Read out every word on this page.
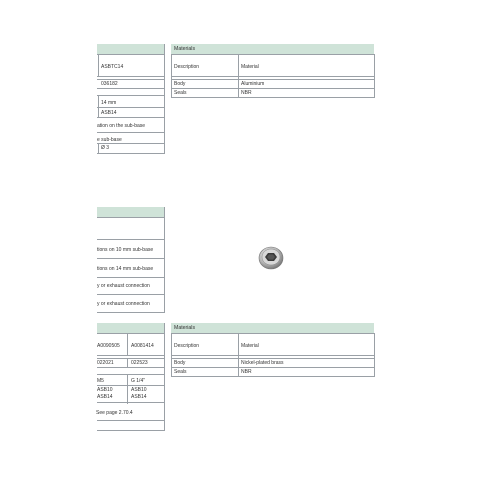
ASBTC14
036182
14 mm
ASB14
ation on the sub-base
e sub-base
Ø 3
Materials
Description	Material
Body	Aluminium
Seals	NBR
tions on 10 mm sub-base
tions on 14 mm sub-base
y or exhaust connection
y or exhaust connection
A0090505 A0081414
022021	022523
M5	G 1/4"
ASB10	ASB10
ASB14	ASB14
See page 2.70.4
Materials
Description	Material
Body	Nickel-plated brass
Seals	NBR
